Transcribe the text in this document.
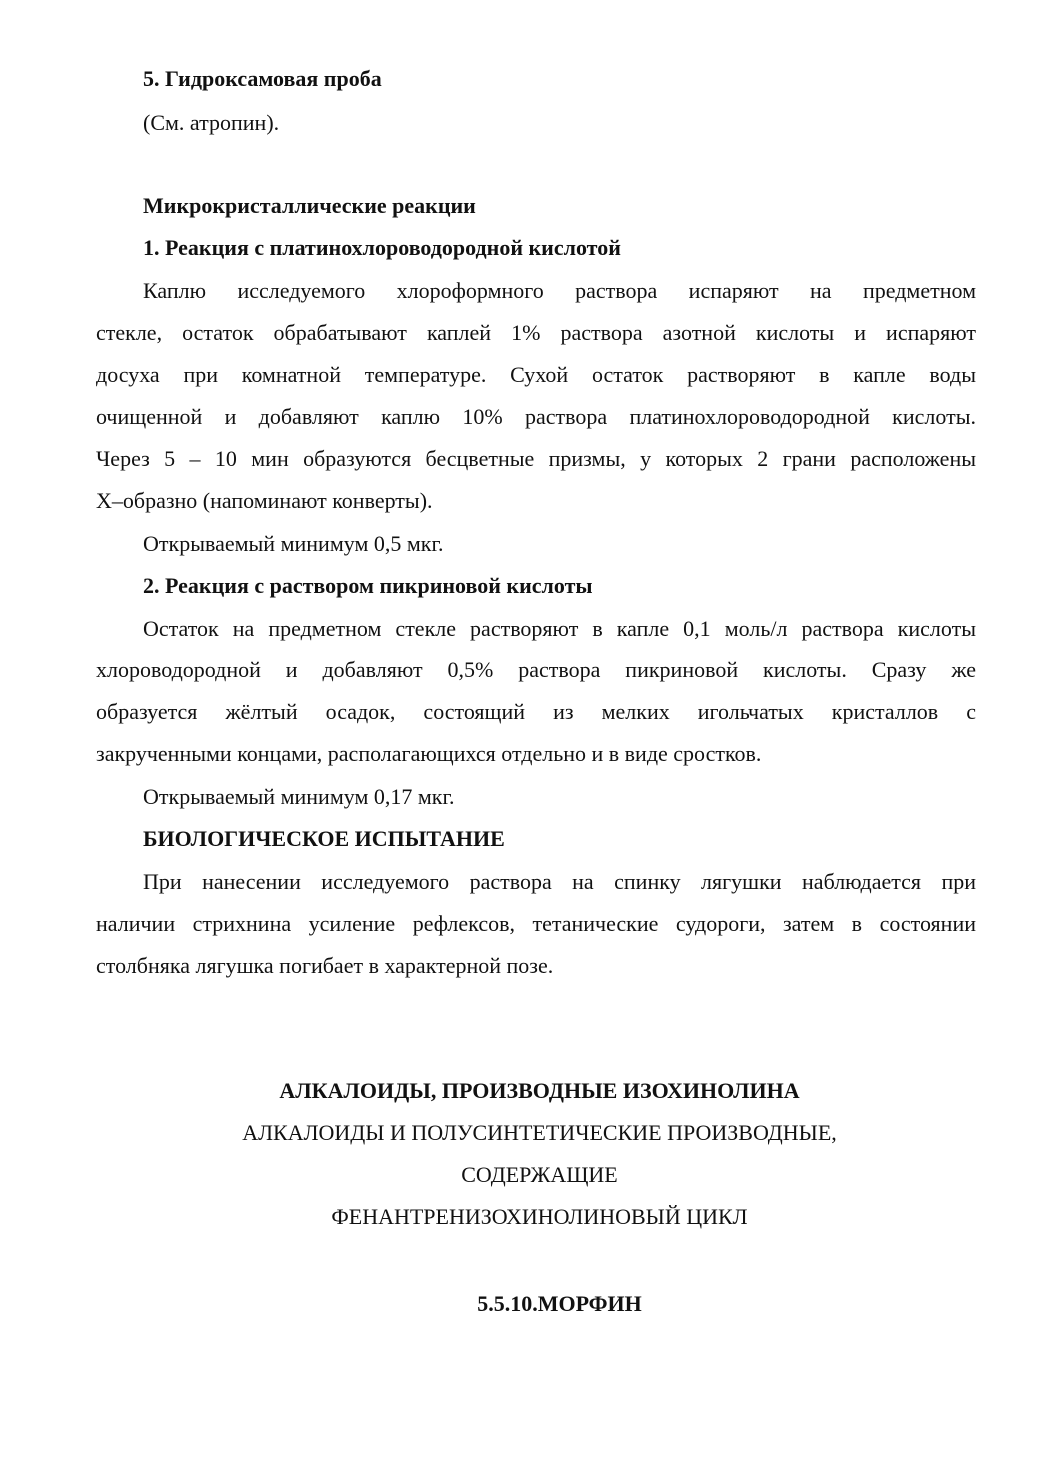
5. Гидроксамовая проба
(См. атропин).
Микрокристаллические реакции
1. Реакция с платинохлороводородной кислотой
Каплю исследуемого хлороформного раствора испаряют на предметном
стекле, остаток обрабатывают каплей 1% раствора азотной кислоты и испаряют
досуха при комнатной температуре. Сухой остаток растворяют в капле воды
очищенной и добавляют каплю 10% раствора платинохлороводородной кислоты.
Через 5 – 10 мин образуются бесцветные призмы, у которых 2 грани расположены
Х–образно (напоминают конверты).
Открываемый минимум 0,5 мкг.
2. Реакция с раствором пикриновой кислоты
Остаток на предметном стекле растворяют в капле 0,1 моль/л раствора кислоты
хлороводородной и добавляют 0,5% раствора пикриновой кислоты. Сразу же
образуется жёлтый осадок, состоящий из мелких игольчатых кристаллов с
закрученными концами, располагающихся отдельно и в виде сростков.
Открываемый минимум 0,17 мкг.
БИОЛОГИЧЕСКОЕ ИСПЫТАНИЕ
При нанесении исследуемого раствора на спинку лягушки наблюдается при
наличии стрихнина усиление рефлексов, тетанические судороги, затем в состоянии
столбняка лягушка погибает в характерной позе.
АЛКАЛОИДЫ, ПРОИЗВОДНЫЕ ИЗОХИНОЛИНА
АЛКАЛОИДЫ И ПОЛУСИНТЕТИЧЕСКИЕ ПРОИЗВОДНЫЕ,
СОДЕРЖАЩИЕ
ФЕНАНТРЕНИЗОХИНОЛИНОВЫЙ ЦИКЛ
5.5.10.МОРФИН
